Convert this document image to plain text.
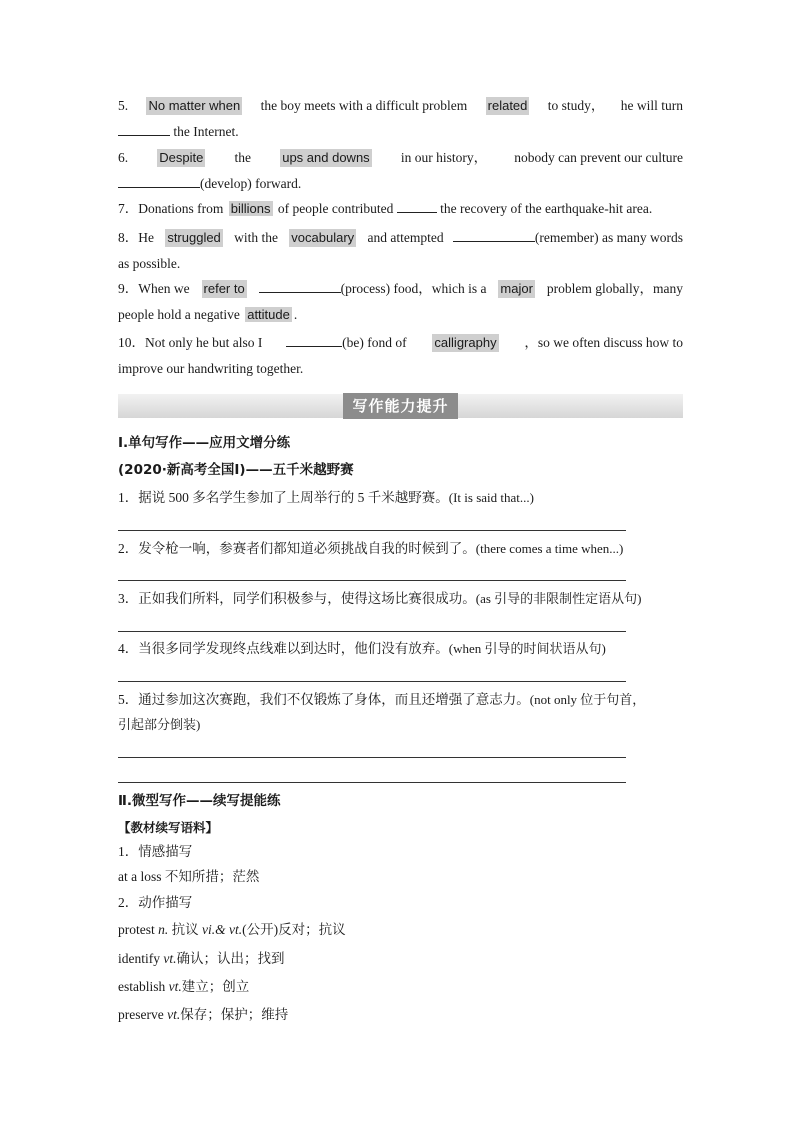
5. No matter when the boy meets with a difficult problem related to study， he will turn
the Internet.
6. Despite the ups and downs in our history， nobody can prevent our culture
(develop) forward.
7．Donations from billions of people contributed	the recovery of the earthquake-hit area.
8．He struggled with the vocabulary and attempted	(remember) as many words
as possible.
9．When we refer to	(process) food，which is a major problem globally，many
people hold a negative attitude .
10．Not only he but also I	(be) fond of calligraphy ，so we often discuss how to
improve our handwriting together.
写作能力提升
Ⅰ.单句写作——应用文增分练
(2020·新高考全国Ⅰ)——五千米越野赛
1．据说 500 多名学生参加了上周举行的 5 千米越野赛。(It is said that...)
2．发令枪一响，参赛者们都知道必须挑战自我的时候到了。(there comes a time when...)
3．正如我们所料，同学们积极参与，使得这场比赛很成功。(as 引导的非限制性定语从句)
4．当很多同学发现终点线难以到达时，他们没有放弃。(when 引导的时间状语从句)
5．通过参加这次赛跑，我们不仅锻炼了身体，而且还增强了意志力。(not only 位于句首，
引起部分倒装)
Ⅱ.微型写作——续写提能练
【教材续写语料】
1．情感描写
at a loss 不知所措；茫然
2．动作描写
protest n. 抗议 vi.& vt.(公开)反对；抗议
identify vt.确认；认出；找到
establish vt.建立；创立
preserve vt.保存；保护；维持
